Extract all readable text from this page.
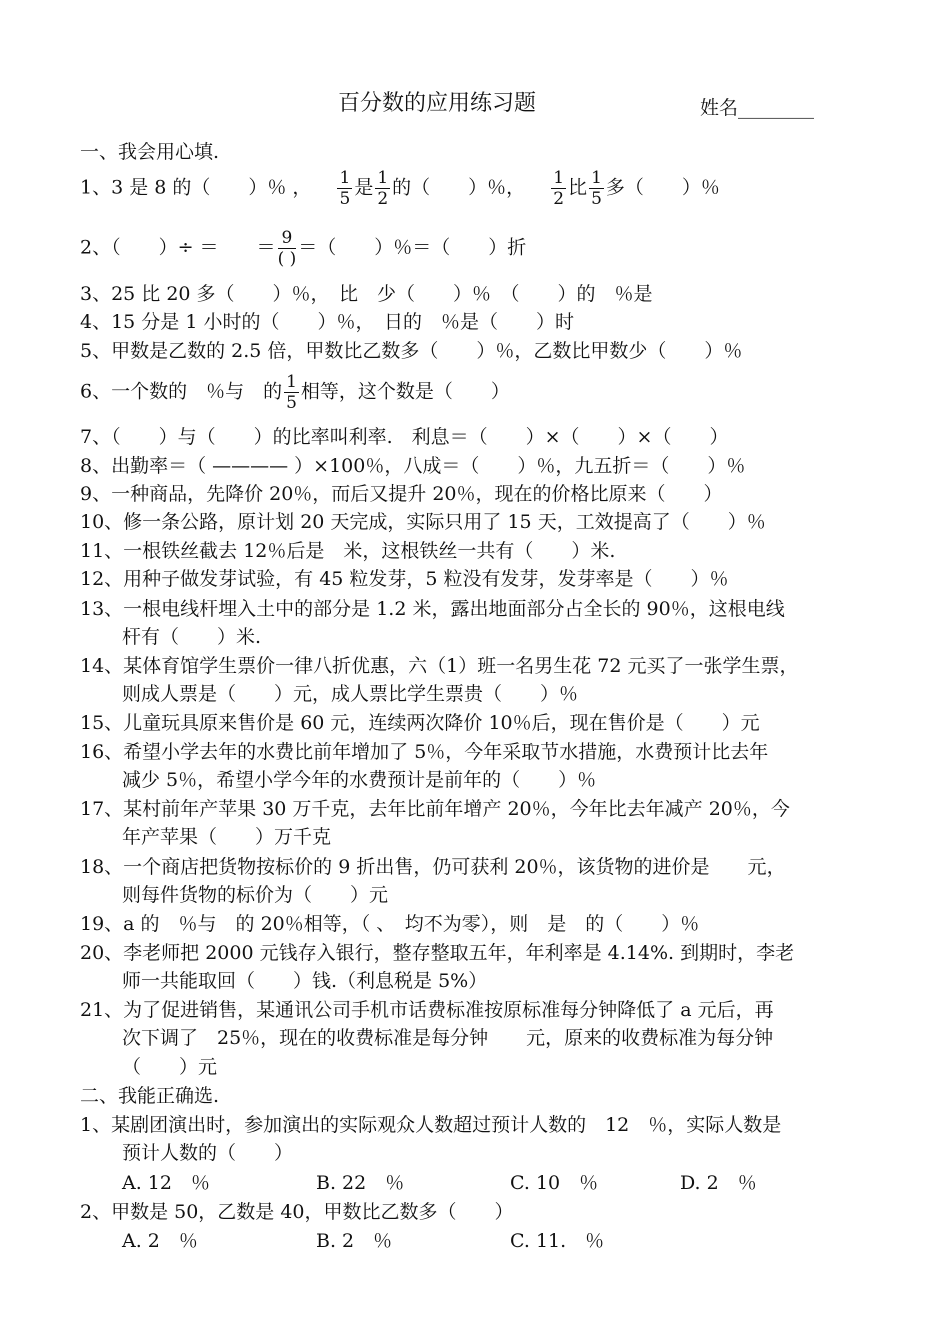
百分数的应用练习题	姓名________
一、我会用心填.
1、3 是 8 的（　　）％ ， $\frac{1}{5}$ 是 $\frac{1}{2}$ 的（　　）％， $\frac{1}{2}$ 比 $\frac{1}{5}$ 多（　　）％
2、（　　）÷ ＝　　＝ $\frac{9}{( )}$ ＝（　　）％＝（　　）折
3、25 比 20 多（　　）％，　比　少（　　）％　（　　）的　％是
4、15 分是 1 小时的（　　）％，　日的　％是（　　）时
5、甲数是乙数的 2.5 倍，甲数比乙数多（　　）％，乙数比甲数少（　　）％
6、一个数的　％与　的 $\frac{1}{5}$ 相等，这个数是（　　）
7、（　　）与（　　）的比率叫利率.　利息＝（　　）×（　　）×（　　）
8、出勤率＝（ ———— ）×100％，八成＝（　　）％，九五折＝（　　）％
9、一种商品，先降价 20％，而后又提升 20％，现在的价格比原来（　　）
10、修一条公路，原计划 20 天完成，实际只用了 15 天，工效提高了（　　）％
11、一根铁丝截去 12％后是　米，这根铁丝一共有（　　）米.
12、用种子做发芽试验，有 45 粒发芽，5 粒没有发芽，发芽率是（　　）％
13、一根电线杆埋入土中的部分是 1.2 米，露出地面部分占全长的 90％，这根电线
杆有（　　）米.
14、某体育馆学生票价一律八折优惠，六（1）班一名男生花 72 元买了一张学生票，
则成人票是（　　）元，成人票比学生票贵（　　）％
15、儿童玩具原来售价是 60 元，连续两次降价 10％后，现在售价是（　　）元
16、希望小学去年的水费比前年增加了 5％，今年采取节水措施，水费预计比去年
减少 5％，希望小学今年的水费预计是前年的（　　）％
17、某村前年产苹果 30 万千克，去年比前年增产 20％，今年比去年减产 20％，今
年产苹果（　　）万千克
18、一个商店把货物按标价的 9 折出售，仍可获利 20％，该货物的进价是　　元，
则每件货物的标价为（　　）元
19、a 的　％与　的 20％相等，（ 、　均不为零），则　是　的（　　）％
20、李老师把 2000 元钱存入银行，整存整取五年，年利率是 4.14%. 到期时，李老
师一共能取回（　　）钱.（利息税是 5%）
21、为了促进销售，某通讯公司手机市话费标准按原标准每分钟降低了 a 元后，再
次下调了　25％，现在的收费标准是每分钟　　元，原来的收费标准为每分钟
（　　）元
二、我能正确选.
1、某剧团演出时，参加演出的实际观众人数超过预计人数的　12　％，实际人数是
预计人数的（　　）
A. 12　％	B. 22　％	C. 10　％	D. 2　％
2、甲数是 50，乙数是 40，甲数比乙数多（　　）
A. 2　％	B. 2　％	C. 11.　％
